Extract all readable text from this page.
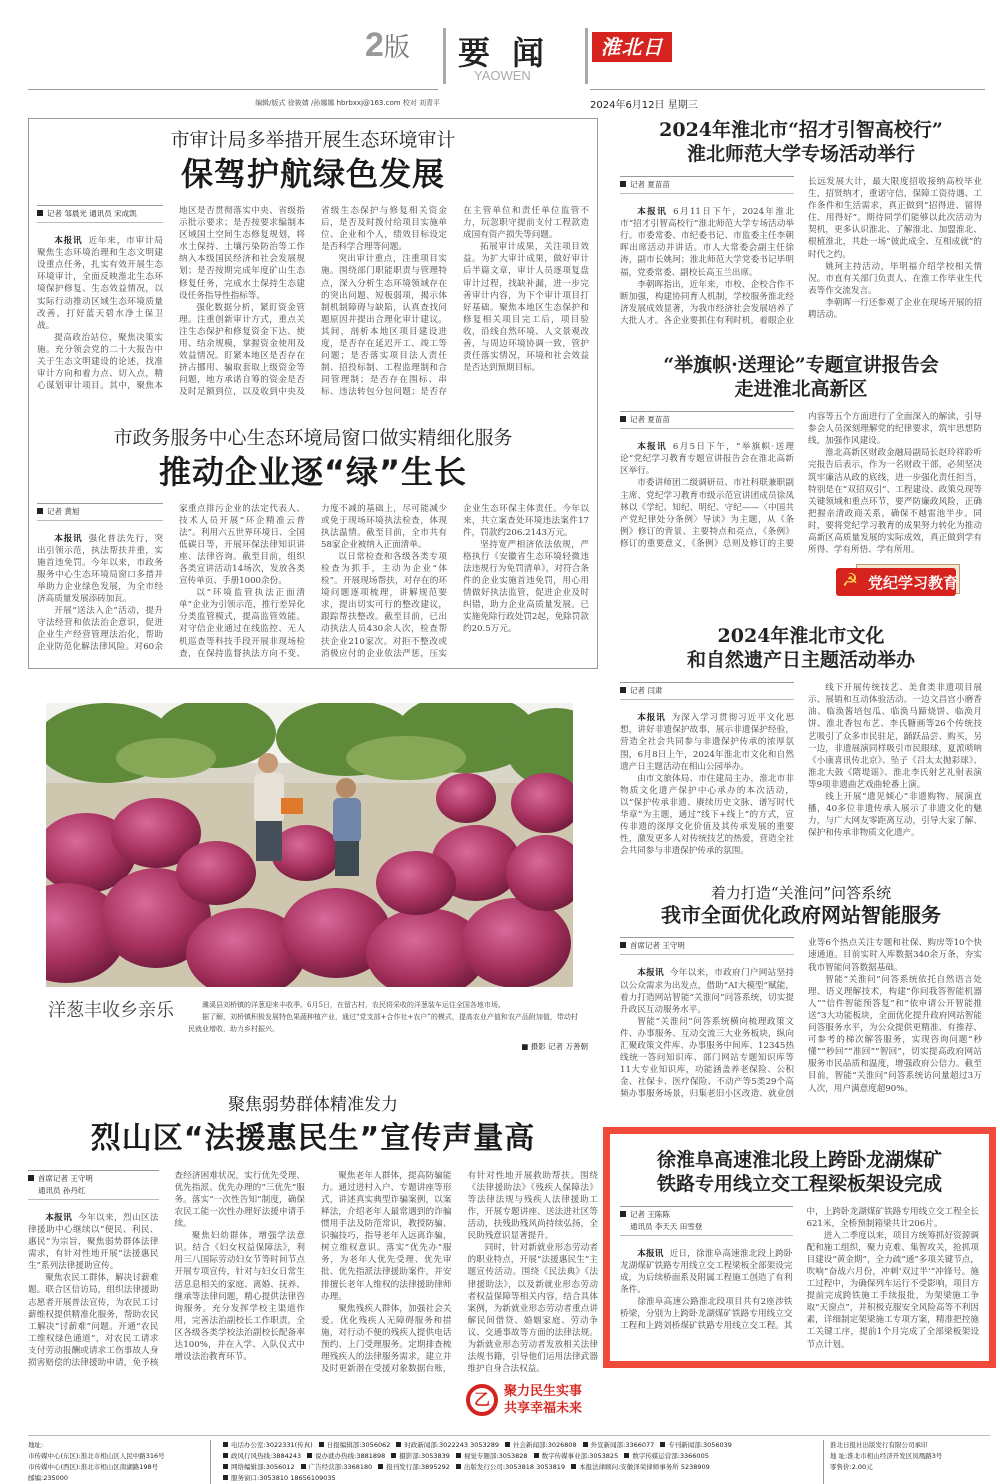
2版 要闻
YAOWEN
淮北日报
编辑/版式 徐筱婧 /孙娜娜 hbrbxxj@163.com 校对 刘青平	2024年6月12日 星期三
市审计局多举措开展生态环境审计
保驾护航绿色发展
记者 邹晨光 通讯员 宋成凯

本报讯 近年来，市审计局聚焦生态环境治理和生态文明建设重点任务，扎实有效开展生态环境审计，全面反映淮北生态环境保护修复、生态效益情况，以实际行动推动区域生态环境质量改善，打好蓝天碧水净土保卫战。

提高政治站位，聚焦决策实施。充分领会党的二十大报告中关于生态文明建设的论述，找准审计方向和着力点、切入点，精心谋划审计项目。其中，聚焦本地区是否贯彻落实中央、省级指示批示要求；是否按要求编制本区域国土空间生态修复规划，将水土保持、土壤污染防治等工作纳入本级国民经济和社会发展规划；是否按期完成年度矿山生态修复任务，完成水土保持生态建设任务指导性指标等。

强化数据分析，紧盯资金管理。注重创新审计方式，重点关注生态保护和修复资金下达、使用、结余规模，掌握资金使用及效益情况。盯紧本地区是否存在挤占挪用、骗取套取上级资金等问题，地方承诺自筹的资金是否及时足额到位，以及收到中央及省级生态保护与修复相关资金后，是否及时拨付给项目实施单位、企业和个人，绩效目标设定是否科学合理等问题。

突出审计重点，注重项目实施。围绕部门职能职责与管理特点，深入分析生态环境领域存在的突出问题、短板弱项，揭示体制机制障碍与缺陷，认真查找问题原因并提出合理化审计建议。其间，剖析本地区项目建设进度，是否存在延迟开工、竣工等问题；是否落实项目法人责任制、招投标制、工程监理制和合同管理制；是否存在围标、串标、违法转包分包问题；是否存在主管单位和责任单位监管不力，玩忽职守提前支付工程款造成国有资产损失等问题。

拓展审计成果，关注项目效益。为扩大审计成果，做好审计后半篇文章，审计人员逐项复盘审计过程，找缺补漏，进一步完善审计内容，为下个审计项目打好基础。聚焦本地区生态保护和修复相关项目完工后，项目验收，沿线自然环境、人文景观改善，与周边环境协调一致，管护责任落实情况，环境和社会效益是否达到预期目标。

市政务服务中心生态环境局窗口做实精细化服务
推动企业逐“绿”生长
记者 黄旭

本报讯 强化普法先行，突出引领示范，执法帮扶并重，实施首违免罚。今年以来，市政务服务中心生态环境局窗口多措并举助力企业绿色发展，为全市经济高质量发展添砖加瓦。

开展“送法入企”活动，提升守法经营和依法治企意识，促进企业生产经营管理法治化，帮助企业防范化解法律风险。对60余家重点排污企业的法定代表人、技术人员开展“环企精准云普法”。利用六五世界环境日、全国低碳日等，开展环保法律知识讲座、法律咨询。截至目前，组织各类宣讲活动14场次，发放各类宣传单页、手册1000余份。

以“环境监管执法正面清单”企业为引领示范，推行差异化分类监管模式，提高监管效能。对守信企业通过在线监控、无人机巡查等科技手段开展非现场检查，在保持监督执法方向不变、力度不减的基础上，尽可能减少或免于现场环境执法检查，体现执法温情。截至目前，全市共有58家企业被纳入正面清单。

以日常检查和各级各类专项检查为抓手，主动为企业“体检”。开展现场帮扶，对存在的环境问题逐项梳理，讲解规范要求，提出切实可行的整改建议，跟踪帮扶整改。截至目前，已出动执法人员430余人次，检查帮扶企业210家次。对拒不整改或消极应付的企业依法严惩，压实企业生态环保主体责任。今年以来，共立案查处环境违法案件17件，罚款约206.2143万元。

坚持宽严相济依法依规，严格执行《安徽省生态环境轻微违法违规行为免罚清单》，对符合条件的企业实施首违免罚，用心用情做好执法监管，促进企业及时纠错，助力企业高质量发展。已实施免除行政处罚2起，免除罚款约20.5万元。

洋葱丰收乡亲乐	濉溪县刘桥镇的洋葱迎来丰收季。6月5日，在留古村，农民将采收的洋葱装车运往全国各地市场。

据了解，刘桥镇积极发展特色果蔬种植产业，通过“党支部+合作社+农户”的模式，提高农业产值和农产品附加值，带动村民就业增收，助力乡村振兴。

■ 摄影 记者 万善朝
聚焦弱势群体精准发力
烈山区“法援惠民生”宣传声量高
首席记者 王守明
通讯员 孙丹红

本报讯 今年以来，烈山区法律援助中心继续以“便民、利民、惠民”为宗旨，聚焦弱势群体法律需求，有针对性地开展“法援惠民生”系列法律援助宣传。

聚焦农民工群体，解决讨薪难题。联合区信访局，组织法律援助志愿者开展普法宣传，为农民工讨薪维权提供精准化服务，帮助农民工解决“讨薪难”问题。开通“农民工维权绿色通道”，对农民工请求支付劳动报酬或请求工伤事故人身损害赔偿的法律援助申请，免予核查经济困难状况，实行优先受理、优先指派、优先办理的“三优先”服务。落实“一次性告知”制度，确保农民工能一次性办理好法援申请手续。

聚焦妇幼群体，增强学法意识。结合《妇女权益保障法》，利用三八国际劳动妇女节等时间节点开展专项宣传，针对与妇女日常生活息息相关的家庭、离婚、抚养、继承等法律问题，精心提供法律咨询服务。充分发挥学校主渠道作用，完善法治副校长工作职责，全区各级各类学校法治副校长配备率达100%，并在入学、入队仪式中增设法治教育环节。

聚焦老年人群体，提高防骗能力。通过进村入户、专题讲座等形式，讲述真实典型诈骗案例，以案释法，介绍老年人最常遇到的诈骗惯用手法及防范常识，教授防骗、识骗技巧，指导老年人远离诈骗，树立维权意识。落实“优先办”服务，为老年人优先受理、优先审批、优先指派法律援助案件，并安排擅长老年人维权的法律援助律师办理。

聚焦残疾人群体，加强社会关爱。优化残疾人无障碍服务和措施，对行动不便的残疾人提供电话预约、上门受理服务。定期排查梳理残疾人的法律服务需求，建立并及时更新潜在受援对象数据台账，有针对性地开展救助帮扶。围绕《法律援助法》《残疾人保障法》等法律法规与残疾人法律援助工作，开展专题讲座、送法进社区等活动，扶残助残风尚持续弘扬，全民助残意识显著提升。

同时，针对新就业形态劳动者的职业特点，开展“法援惠民生”主题宣传活动。围绕《民法典》《法律援助法》，以及新就业形态劳动者权益保障等相关内容，结合具体案例，为新就业形态劳动者重点讲解民间借贷、婚姻家庭、劳动争议、交通事故等方面的法律法规。为新就业形态劳动者发放相关法律法规书籍，引导他们运用法律武器维护自身合法权益。

乙	聚力民生实事
共享幸福未来
2024年淮北市“招才引智高校行”
淮北师范大学专场活动举行
记者 夏苗苗

本报讯 6月11日下午，2024年淮北市“招才引智高校行”淮北师范大学专场活动举行。市委常委、市纪委书记、市监委主任李朝晖出席活动并讲话。市人大常委会副主任徐涛，副市长姚珂；淮北师范大学党委书记毕明福，党委常委、副校长高玉兰出席。

李朝晖指出，近年来，市校、企校合作不断加强，构建协同育人机制，学校服务淮北经济发展成效显著，为我市经济社会发展培养了大批人才。各企业要抓住有利时机，着眼企业长远发展大计，最大限度招收接纳高校毕业生，招贤纳才，重诺守信，保障工资待遇、工作条件和生活需求，真正做到“招得进、留得住、用得好”。期待同学们能够以此次活动为契机，更多认识淮北、了解淮北、加盟淮北、根植淮北，共赴一场“彼此成全、互相成就”的时代之约。

姚珂主持活动，毕明福介绍学校相关情况。市直有关部门负责人、在淮工作毕业生代表等作交流发言。

李朝晖一行还参观了企业在现场开展的招聘活动。

“举旗帜·送理论”专题宣讲报告会
走进淮北高新区
记者 夏苗苗

本报讯 6月5日下午，“举旗帜·送理论”党纪学习教育专题宣讲报告会在淮北高新区举行。

市委讲师团二级调研员、市社科联兼职副主席、党纪学习教育市级示范宣讲团成员徐凤林以《学纪、知纪、明纪、守纪——〈中国共产党纪律处分条例〉导读》为主题，从《条例》修订的背景、主要特点和亮点，《条例》修订的重要意义，《条例》总则及修订的主要内容等五个方面进行了全面深入的解读，引导参会人员深刻理解党的纪律要求，筑牢思想防线，加强作风建设。

淮北高新区财政金融局副局长赵玲祥聆听完报告后表示，作为一名财政干部，必须坚决筑牢廉洁从政的底线，进一步强化责任担当，特别是在“双招双引”、工程建设、政策兑现等关键领域和重点环节，要严防廉政风险，正确把握亲清政商关系，确保不越雷池半步。同时，要将党纪学习教育的成果努力转化为推动高新区高质量发展的实际成效，真正做到学有所得、学有所悟、学有所用。

☭ 党纪学习教育
2024年淮北市文化
和自然遗产日主题活动举办
记者 闫肃

本报讯 为深入学习贯彻习近平文化思想，讲好非遗保护故事，展示非遗保护经验，营造全社会共同参与非遗保护传承的浓厚氛围，6月8日上午，2024年淮北市文化和自然遗产日主题活动在相山公园举办。

由市文旅体局、市住建局主办，淮北市非物质文化遗产保护中心承办的本次活动，以“保护传承非遗、赓续历史文脉、谱写时代华章”为主题，通过“线下+线上”的方式，宣传非遗的深厚文化价值及其传承发展的重要性，激发更多人对传统技艺的热爱，营造全社会共同参与非遗保护传承的氛围。

线下开展传统技艺、美食类非遗项目展示、展销和互动体验活动。一边文昌宫小磨香油、临涣酱培包瓜、临涣马蹄烧饼、临涣月饼、淮北香包布艺、李氏糖画等26个传统技艺吸引了众多市民驻足，踊跃品尝、购买，另一边，非遗展演同样吸引市民眼球，夏派唢呐《小康喜讯传北京》、坠子《吕太太抛彩球》、淮北大鼓《隋堤谣》、淮北李氏射艺礼射表演等9项非遗曲艺戏曲轮番上演。

线上开展“遗见倾心”非遗购物、展演直播，40多位非遗传承人展示了非遗文化的魅力，与广大网友零距离互动，引导大家了解、保护和传承非物质文化遗产。

着力打造“关淮问”问答系统
我市全面优化政府网站智能服务
首席记者 王守明

本报讯 今年以来，市政府门户网站坚持以公众需求为出发点，借助“AI大模型”赋能，着力打造网站智能“关淮问”问答系统，切实提升政民互动服务水平。

智能“关淮问”问答系统横向梳理政策文件、办事服务、互动交流三大业务板块，纵向汇聚政策文件库、办事服务中间库、12345热线统一答问知识库、部门网站专题知识库等11大专业知识库，功能涵盖养老保险、公积金、社保卡、医疗保险、不动产等5类29个高频办事服务场景，归集老旧小区改造、就业创业等6个热点关注专题和社保、购房等10个快速通道。目前实时入库数据340余万条，夯实我市智能问答数据基础。

智能“关淮问”问答系统依托自然语言处理、语义理解技术，构建“你问我答智能机器人”“信件智能预答复”和“依申请公开智能推送”3大功能板块，全面优化提升政府网站智能问答服务水平，为公众提供更精准、有推荐、可参考的梯次解答服务，实现咨询问题“秒懂”“秒回”“准回”“智回”，切实提高政府网站服务市民品质和温度，增强政府公信力。截至目前，智能“关淮问”问答系统访问量超过3万人次，用户满意度超90%。

徐淮阜高速淮北段上跨卧龙湖煤矿
铁路专用线立交工程梁板架设完成
记者 王陈陈
通讯员 李天天 田雪登

本报讯 近日，徐淮阜高速淮北段上跨卧龙湖煤矿铁路专用线立交工程梁板全部架设完成，为后续桥面系及附属工程施工创造了有利条件。

徐淮阜高速公路淮北段项目共有2座涉铁桥梁，分别为上跨卧龙湖煤矿铁路专用线立交工程和上跨刘桥煤矿铁路专用线立交工程。其中，上跨卧龙湖煤矿铁路专用线立交工程全长621米，全桥预制箱梁共计206片。

进入二季度以来，项目方统筹抓好资源调配和施工组织，聚力克难、集智攻关，抢抓项目建设“黄金期”，全力疏“通”多项关键节点，吹响“奋战六月份，冲刺‘双过半’”冲锋号。施工过程中，为确保列车运行不受影响，项目方提前完成跨铁施工手续报批，为架梁施工争取“天窗点”，并积极克服安全风险高等不利因素，详细制定架梁施工专项方案，精准把控施工关键工序，提前1个月完成了全部梁板架设节点计划。

地址:
市传媒中心(东区):淮北市相山区人民中路316号
市传媒中心(西区):淮北市相山区南湖路198号
邮编:235000
电话办公室:3022331(传真) 日报编辑部:3056062 时政新闻部:3022243 3053289 社会新闻部:3026808 外宣新闻部:3366077 专刊新闻部:3056039
政风行风热线:3884243 说办就办热线:3881898 摄影部:3053839 视觉专题部:3053828 数字传媒事业部:3053825 数字传媒运营部:3366005
网络编辑部:3056012 广告经营部:3368180 报刊发行部:3895292 出版发行公司:3053818 3053819 本报法律顾问:安徽泽荣律师事务所 5238909
服务窗口:3053810 18656109035
淮北日报社出版发行有限公司承印
地 址:淮北市相山经济开发区凤凰路3号
零售价:2.00元
